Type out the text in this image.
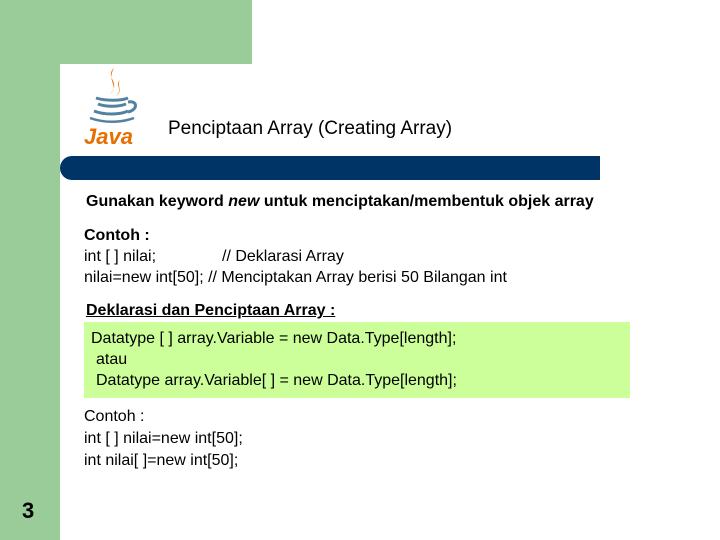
Java Penciptaan Array (Creating Array)
Gunakan keyword new untuk menciptakan/membentuk objek array
Contoh :
int [ ] nilai;	// Deklarasi Array
nilai=new int[50]; // Menciptakan Array berisi 50 Bilangan int
Deklarasi dan Penciptaan Array :
Datatype [ ] array.Variable = new Data.Type[length];
atau
Datatype array.Variable[ ] = new Data.Type[length];
Contoh :
int [ ] nilai=new int[50];
int nilai[ ]=new int[50];
3
